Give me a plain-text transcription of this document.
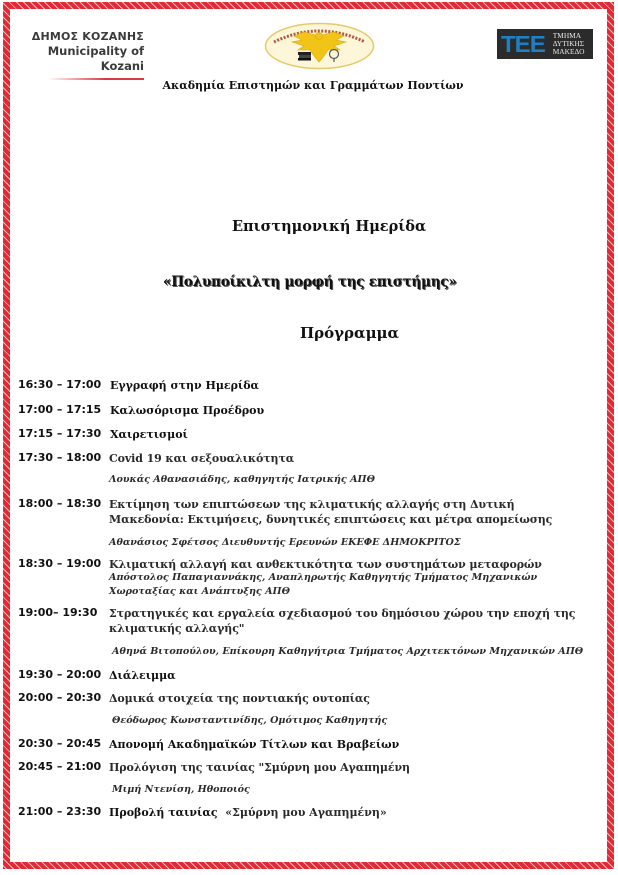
ΔΗΜΟΣ ΚΟΖΑΝΗΣ
Municipality of Kozani
TEE ΤΜΗΜΑ
ΔΥΤΙΚΗΣ
ΜΑΚΕΔΟ
Ακαδημία Επιστημών και Γραμμάτων Ποντίων
Επιστημονική Ημερίδα
«Πολυποίκιλτη μορφή της επιστήμης»
Πρόγραμμα
16:30 – 17:00 Εγγραφή στην Ημερίδα
17:00 – 17:15 Καλωσόρισμα Προέδρου
17:15 – 17:30 Χαιρετισμοί
17:30 – 18:00 Covid 19 και σεξουαλικότητα
Λουκάς Αθανασιάδης, καθηγητής Ιατρικής ΑΠΘ
18:00 – 18:30 Εκτίμηση των επιπτώσεων της κλιματικής αλλαγής στη Δυτική Μακεδονία: Εκτιμήσεις, δυνητικές επιπτώσεις και μέτρα απομείωσης
Αθανάσιος Σφέτσος Διευθυντής Ερευνών ΕΚΕΦΕ ΔΗΜΟΚΡΙΤΟΣ
18:30 – 19:00 Κλιματική αλλαγή και ανθεκτικότητα των συστημάτων μεταφορών
Απόστολος Παπαγιαννάκης, Αναπληρωτής Καθηγητής Τμήματος Μηχανικών Χωροταξίας και Ανάπτυξης ΑΠΘ
19:00– 19:30 Στρατηγικές και εργαλεία σχεδιασμού του δημόσιου χώρου την εποχή της κλιματικής αλλαγής"
Αθηνά Βιτοπούλου, Επίκουρη Καθηγήτρια Τμήματος Αρχιτεκτόνων Μηχανικών ΑΠΘ
19:30 – 20:00 Διάλειμμα
20:00 – 20:30 Δομικά στοιχεία της ποντιακής ουτοπίας
Θεόδωρος Κωνσταντινίδης, Ομότιμος Καθηγητής
20:30 – 20:45 Απονομή Ακαδημαϊκών Τίτλων και Βραβείων
20:45 – 21:00 Προλόγιση της ταινίας "Σμύρνη μου Αγαπημένη
Μιμή Ντενίση, Ηθοποιός
21:00 – 23:30 Προβολή ταινίας «Σμύρνη μου Αγαπημένη»
